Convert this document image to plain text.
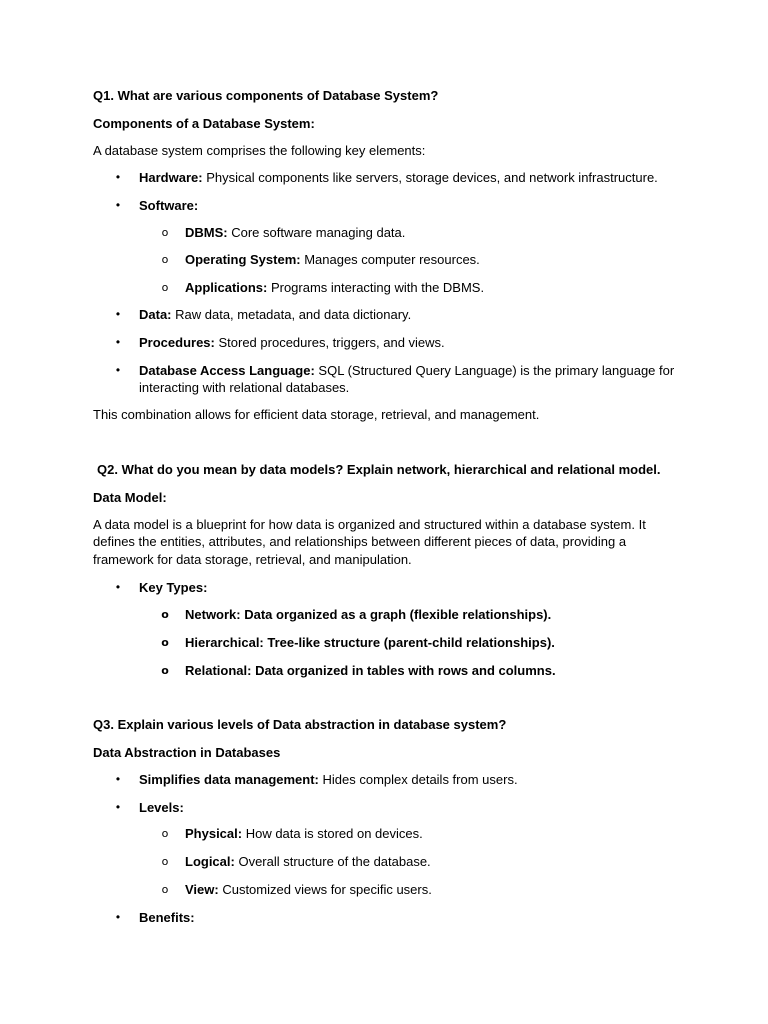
Q1. What are various components of Database System?
Components of a Database System:
A database system comprises the following key elements:
•	Hardware: Physical components like servers, storage devices, and network infrastructure.
•	Software:
o DBMS: Core software managing data.
o Operating System: Manages computer resources.
o Applications: Programs interacting with the DBMS.
•	Data: Raw data, metadata, and data dictionary.
•	Procedures: Stored procedures, triggers, and views.
•	Database Access Language: SQL (Structured Query Language) is the primary language for
interacting with relational databases.
This combination allows for efficient data storage, retrieval, and management.
Q2. What do you mean by data models? Explain network, hierarchical and relational model.
Data Model:
A data model is a blueprint for how data is organized and structured within a database system. It
defines the entities, attributes, and relationships between different pieces of data, providing a
framework for data storage, retrieval, and manipulation.
•	Key Types:
o Network: Data organized as a graph (flexible relationships).
o Hierarchical: Tree-like structure (parent-child relationships).
o Relational: Data organized in tables with rows and columns.
Q3. Explain various levels of Data abstraction in database system?
Data Abstraction in Databases
•	Simplifies data management: Hides complex details from users.
•	Levels:
o Physical: How data is stored on devices.
o Logical: Overall structure of the database.
o View: Customized views for specific users.
•	Benefits:
